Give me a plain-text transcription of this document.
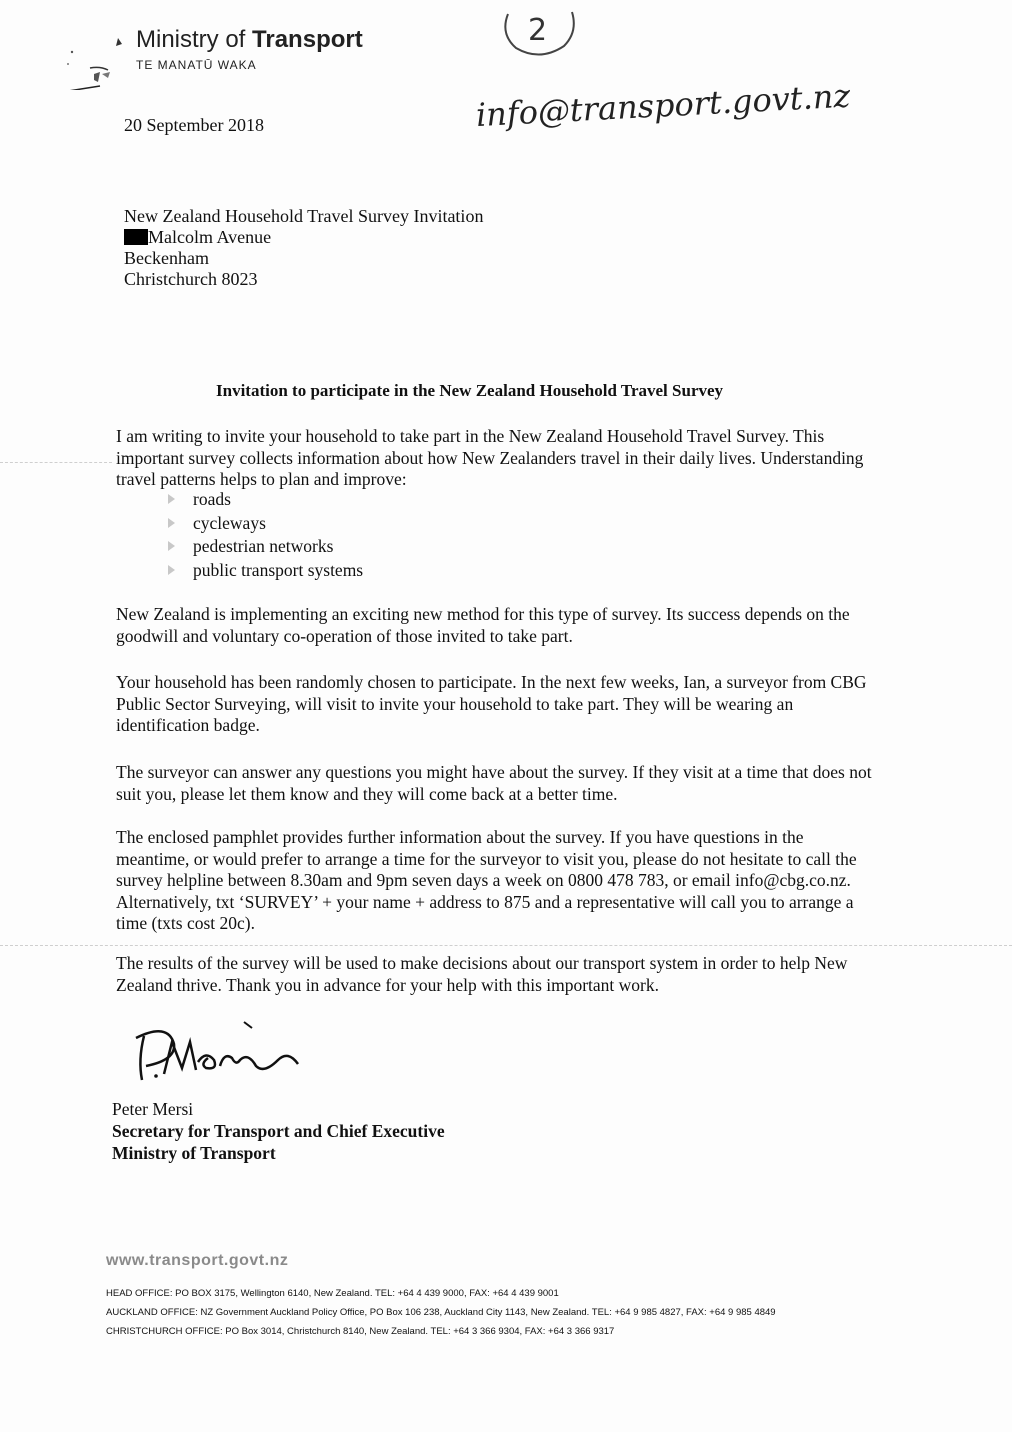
Ministry of Transport
TE MANATŪ WAKA
2
info@transport.govt.nz
20 September 2018
New Zealand Household Travel Survey Invitation
Malcolm Avenue
Beckenham
Christchurch 8023
Invitation to participate in the New Zealand Household Travel Survey
I am writing to invite your household to take part in the New Zealand Household Travel Survey. This important survey collects information about how New Zealanders travel in their daily lives. Understanding travel patterns helps to plan and improve:
roads
cycleways
pedestrian networks
public transport systems
New Zealand is implementing an exciting new method for this type of survey. Its success depends on the goodwill and voluntary co-operation of those invited to take part.
Your household has been randomly chosen to participate. In the next few weeks, Ian, a surveyor from CBG Public Sector Surveying, will visit to invite your household to take part. They will be wearing an identification badge.
The surveyor can answer any questions you might have about the survey. If they visit at a time that does not suit you, please let them know and they will come back at a better time.
The enclosed pamphlet provides further information about the survey. If you have questions in the meantime, or would prefer to arrange a time for the surveyor to visit you, please do not hesitate to call the survey helpline between 8.30am and 9pm seven days a week on 0800 478 783, or email info@cbg.co.nz. Alternatively, txt ‘SURVEY’ + your name + address to 875 and a representative will call you to arrange a time (txts cost 20c).
The results of the survey will be used to make decisions about our transport system in order to help New Zealand thrive. Thank you in advance for your help with this important work.
Peter Mersi
Secretary for Transport and Chief Executive
Ministry of Transport
www.transport.govt.nz
HEAD OFFICE: PO BOX 3175, Wellington 6140, New Zealand. TEL: +64 4 439 9000, FAX: +64 4 439 9001
AUCKLAND OFFICE: NZ Government Auckland Policy Office, PO Box 106 238, Auckland City 1143, New Zealand. TEL: +64 9 985 4827, FAX: +64 9 985 4849
CHRISTCHURCH OFFICE: PO Box 3014, Christchurch 8140, New Zealand. TEL: +64 3 366 9304, FAX: +64 3 366 9317
